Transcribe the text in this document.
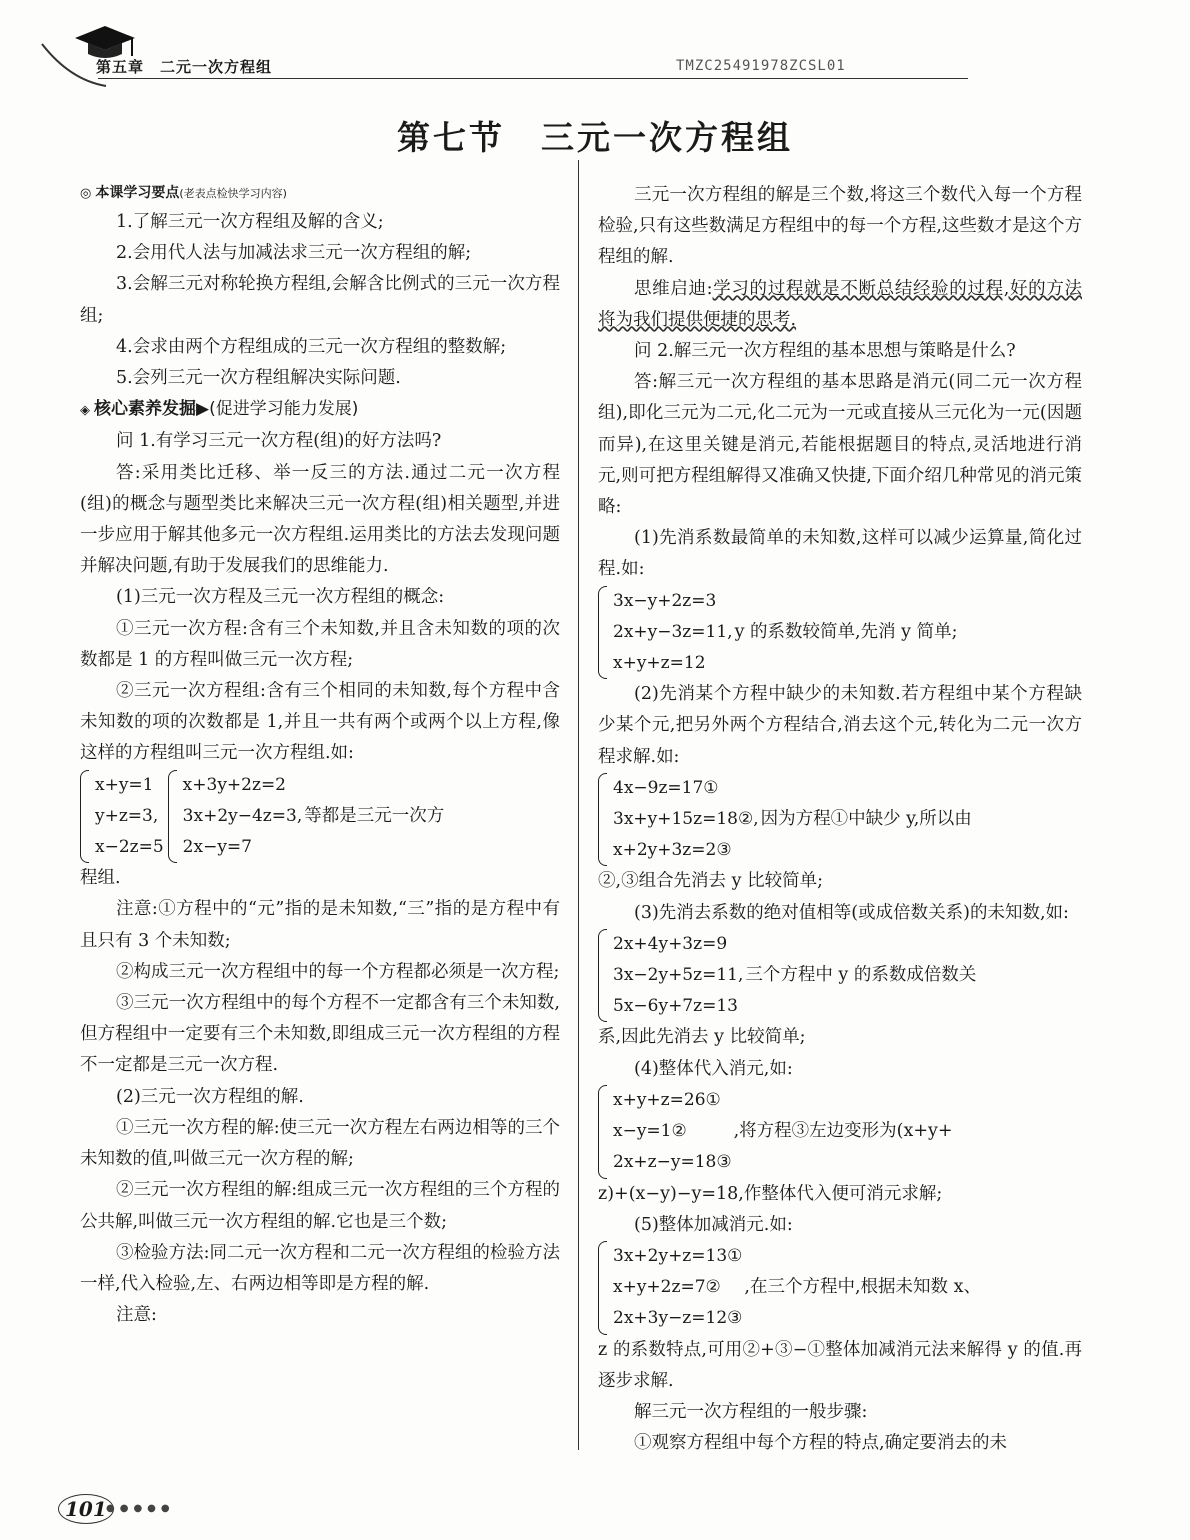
第五章　二元一次方程组	TMZC25491978ZCSL01
第七节　三元一次方程组
◎ 本课学习要点(老表点检快学习内容)

1.了解三元一次方程组及解的含义;

2.会用代人法与加减法求三元一次方程组的解;

3.会解三元对称轮换方程组,会解含比例式的三元一次方程组;

4.会求由两个方程组成的三元一次方程组的整数解;

5.会列三元一次方程组解决实际问题.

◈ 核心素养发掘▶(促进学习能力发展)

问 1.有学习三元一次方程(组)的好方法吗?

答:采用类比迁移、举一反三的方法.通过二元一次方程(组)的概念与题型类比来解决三元一次方程(组)相关题型,并进一步应用于解其他多元一次方程组.运用类比的方法去发现问题并解决问题,有助于发展我们的思维能力.

(1)三元一次方程及三元一次方程组的概念:

①三元一次方程:含有三个未知数,并且含未知数的项的次数都是 1 的方程叫做三元一次方程;

②三元一次方程组:含有三个相同的未知数,每个方程中含未知数的项的次数都是 1,并且一共有两个或两个以上方程,像这样的方程组叫三元一次方程组.如:

x+y=1
y+z=3,
x−2z=5
x+3y+2z=2
3x+2y−4z=3,
2x−y=7
等都是三元一次方

程组.

注意:①方程中的“元”指的是未知数,“三”指的是方程中有且只有 3 个未知数;

②构成三元一次方程组中的每一个方程都必须是一次方程;

③三元一次方程组中的每个方程不一定都含有三个未知数,但方程组中一定要有三个未知数,即组成三元一次方程组的方程不一定都是三元一次方程.

(2)三元一次方程组的解.

①三元一次方程的解:使三元一次方程左右两边相等的三个未知数的值,叫做三元一次方程的解;

②三元一次方程组的解:组成三元一次方程组的三个方程的公共解,叫做三元一次方程组的解.它也是三个数;

③检验方法:同二元一次方程和二元一次方程组的检验方法一样,代入检验,左、右两边相等即是方程的解.

注意:

三元一次方程组的解是三个数,将这三个数代入每一个方程检验,只有这些数满足方程组中的每一个方程,这些数才是这个方程组的解.

思维启迪:学习的过程就是不断总结经验的过程,好的方法将为我们提供便捷的思考.

问 2.解三元一次方程组的基本思想与策略是什么?

答:解三元一次方程组的基本思路是消元(同二元一次方程组),即化三元为二元,化二元为一元或直接从三元化为一元(因题而异),在这里关键是消元,若能根据题目的特点,灵活地进行消元,则可把方程组解得又准确又快捷,下面介绍几种常见的消元策略:

(1)先消系数最简单的未知数,这样可以减少运算量,简化过程.如:

3x−y+2z=3
2x+y−3z=11,
x+y+z=12
y 的系数较简单,先消 y 简单;

(2)先消某个方程中缺少的未知数.若方程组中某个方程缺少某个元,把另外两个方程结合,消去这个元,转化为二元一次方程求解.如:

4x−9z=17①
3x+y+15z=18②,
x+2y+3z=2③
因为方程①中缺少 y,所以由

②,③组合先消去 y 比较简单;

(3)先消去系数的绝对值相等(或成倍数关系)的未知数,如:

2x+4y+3z=9
3x−2y+5z=11,
5x−6y+7z=13
三个方程中 y 的系数成倍数关

系,因此先消去 y 比较简单;

(4)整体代入消元,如:

x+y+z=26①
x−y=1②
2x+z−y=18③
,将方程③左边变形为(x+y+

z)+(x−y)−y=18,作整体代入便可消元求解;

(5)整体加减消元.如:

3x+2y+z=13①
x+y+2z=7②
2x+3y−z=12③
,在三个方程中,根据未知数 x、

z 的系数特点,可用②+③−①整体加减消元法来解得 y 的值.再逐步求解.

解三元一次方程组的一般步骤:

①观察方程组中每个方程的特点,确定要消去的未

101 ●●●●●
